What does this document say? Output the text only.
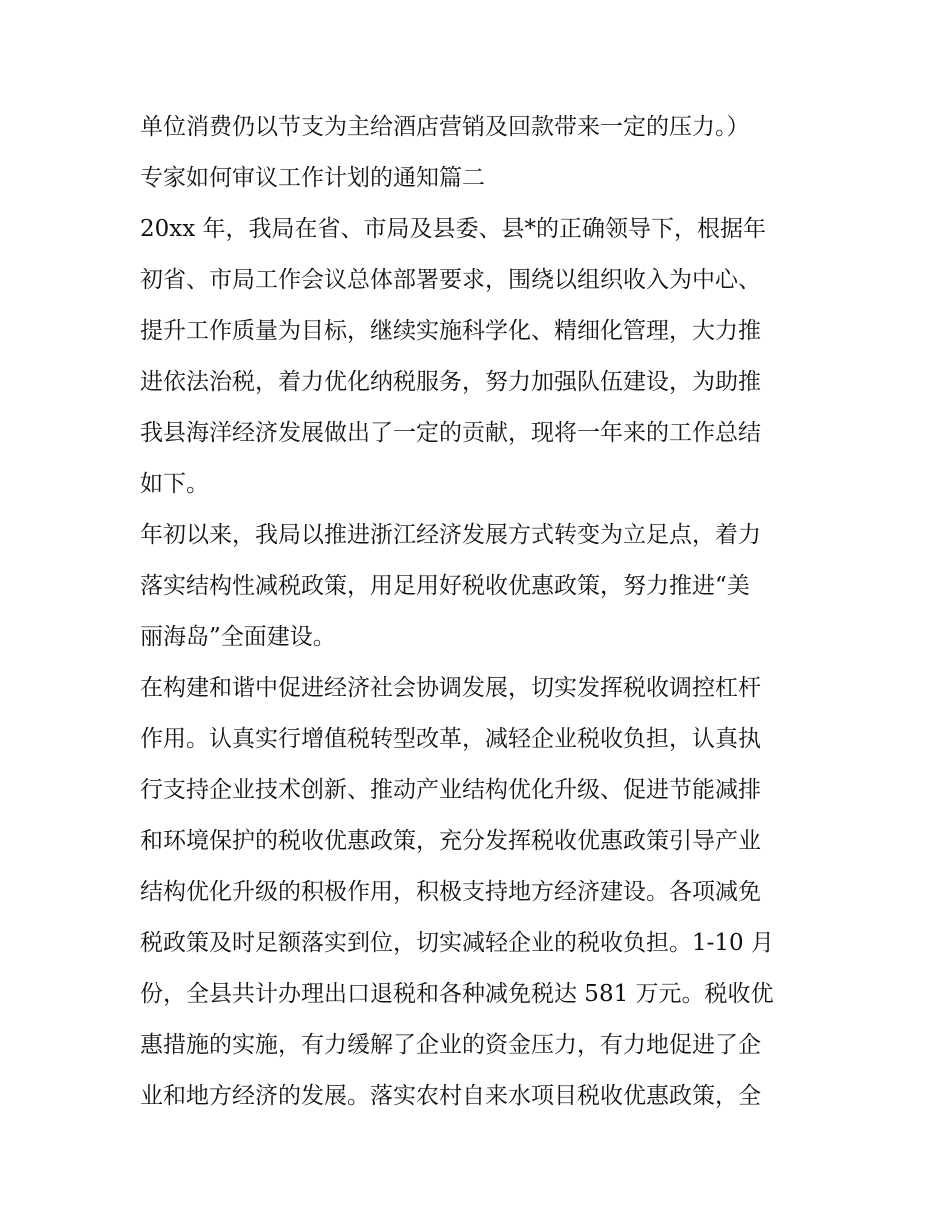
单位消费仍以节支为主给酒店营销及回款带来一定的压力。）
专家如何审议工作计划的通知篇二
20xx 年，我局在省、市局及县委、县*的正确领导下，根据年
初省、市局工作会议总体部署要求，围绕以组织收入为中心、
提升工作质量为目标，继续实施科学化、精细化管理，大力推
进依法治税，着力优化纳税服务，努力加强队伍建设，为助推
我县海洋经济发展做出了一定的贡献，现将一年来的工作总结
如下。
年初以来，我局以推进浙江经济发展方式转变为立足点，着力
落实结构性减税政策，用足用好税收优惠政策，努力推进“美
丽海岛”全面建设。
在构建和谐中促进经济社会协调发展，切实发挥税收调控杠杆
作用。认真实行增值税转型改革，减轻企业税收负担，认真执
行支持企业技术创新、推动产业结构优化升级、促进节能减排
和环境保护的税收优惠政策，充分发挥税收优惠政策引导产业
结构优化升级的积极作用，积极支持地方经济建设。各项减免
税政策及时足额落实到位，切实减轻企业的税收负担。1-10 月
份，全县共计办理出口退税和各种减免税达 581 万元。税收优
惠措施的实施，有力缓解了企业的资金压力，有力地促进了企
业和地方经济的发展。落实农村自来水项目税收优惠政策，全
